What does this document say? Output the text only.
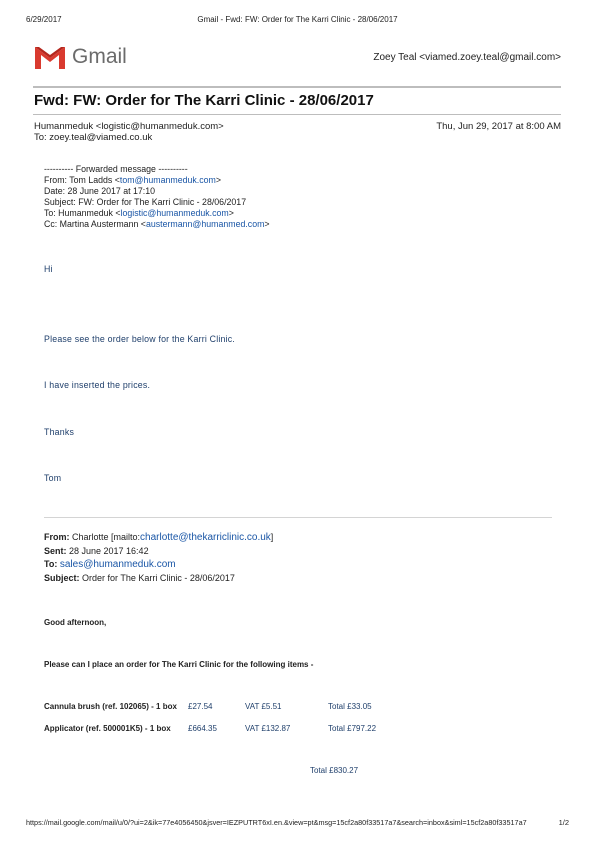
6/29/2017	Gmail - Fwd: FW: Order for The Karri Clinic - 28/06/2017
Gmail	Zoey Teal <viamed.zoey.teal@gmail.com>
Fwd: FW: Order for The Karri Clinic - 28/06/2017
Humanmeduk <logistic@humanmeduk.com>	Thu, Jun 29, 2017 at 8:00 AM
To: zoey.teal@viamed.co.uk
---------- Forwarded message ----------
From: Tom Ladds <tom@humanmeduk.com>
Date: 28 June 2017 at 17:10
Subject: FW: Order for The Karri Clinic - 28/06/2017
To: Humanmeduk <logistic@humanmeduk.com>
Cc: Martina Austermann <austermann@humanmed.com>
Hi
Please see the order below for the Karri Clinic.
I have inserted the prices.
Thanks
Tom
From: Charlotte [mailto:charlotte@thekarriclinic.co.uk]
Sent: 28 June 2017 16:42
To: sales@humanmeduk.com
Subject: Order for The Karri Clinic - 28/06/2017
Good afternoon,
Please can I place an order for The Karri Clinic for the following items -
Cannula brush (ref. 102065) - 1 box £27.54	VAT £5.51	Total £33.05
Applicator (ref. 500001K5) - 1 box £664.35	VAT £132.87	Total £797.22
Total £830.27
https://mail.google.com/mail/u/0/?ui=2&ik=77e4056450&jsver=IEZPUTRT6xI.en.&view=pt&msg=15cf2a80f33517a7&search=inbox&siml=15cf2a80f33517a7	1/2
